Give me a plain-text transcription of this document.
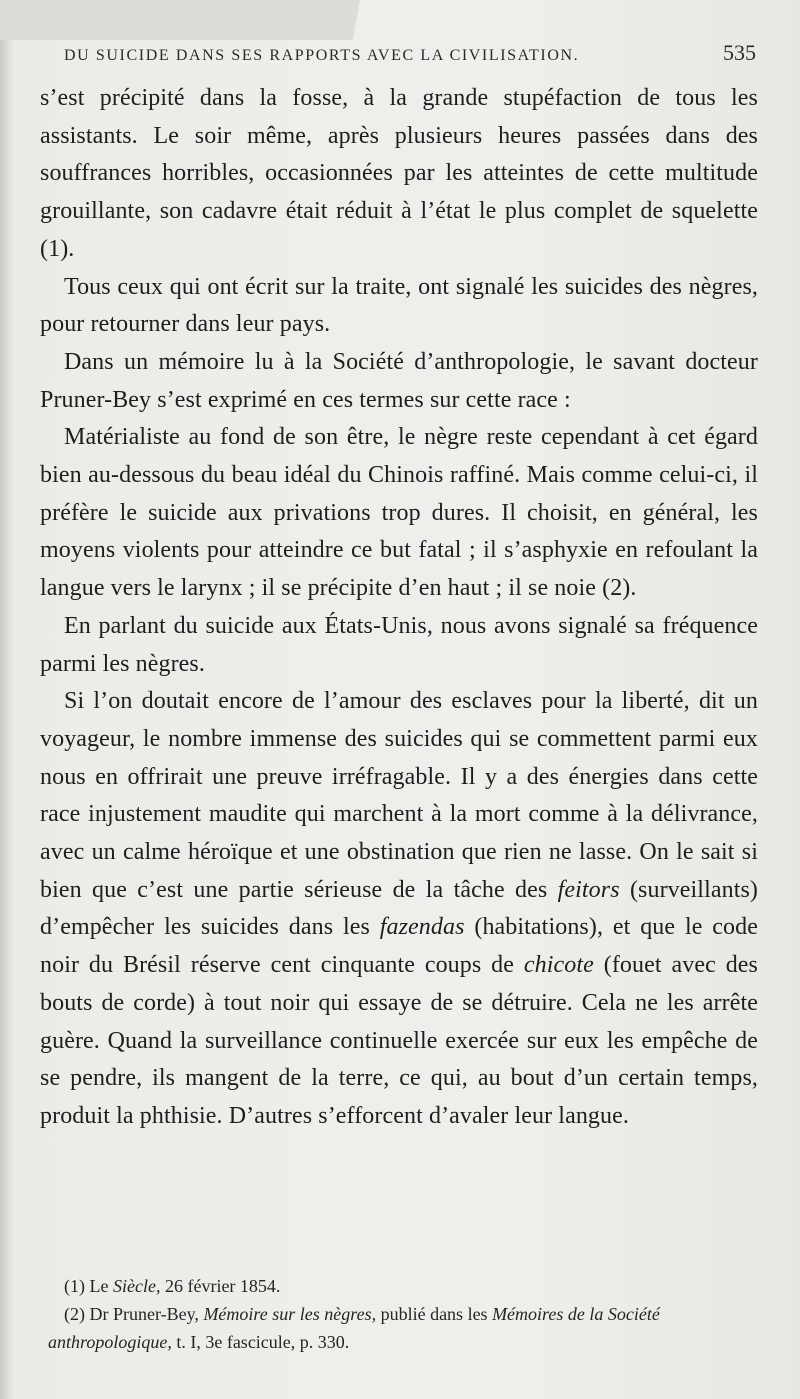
DU SUICIDE DANS SES RAPPORTS AVEC LA CIVILISATION.	535

s’est précipité dans la fosse, à la grande stupéfaction de tous les assistants. Le soir même, après plusieurs heures passées dans des souffrances horribles, occasionnées par les atteintes de cette multitude grouillante, son cadavre était réduit à l’état le plus complet de squelette (1).

Tous ceux qui ont écrit sur la traite, ont signalé les suicides des nègres, pour retourner dans leur pays.

Dans un mémoire lu à la Société d’anthropologie, le savant docteur Pruner-Bey s’est exprimé en ces termes sur cette race :

Matérialiste au fond de son être, le nègre reste cependant à cet égard bien au-dessous du beau idéal du Chinois raffiné. Mais comme celui-ci, il préfère le suicide aux privations trop dures. Il choisit, en général, les moyens violents pour atteindre ce but fatal ; il s’asphyxie en refoulant la langue vers le larynx ; il se précipite d’en haut ; il se noie (2).

En parlant du suicide aux États-Unis, nous avons signalé sa fréquence parmi les nègres.

Si l’on doutait encore de l’amour des esclaves pour la liberté, dit un voyageur, le nombre immense des suicides qui se commettent parmi eux nous en offrirait une preuve irréfragable. Il y a des énergies dans cette race injustement maudite qui marchent à la mort comme à la délivrance, avec un calme héroïque et une obstination que rien ne lasse. On le sait si bien que c’est une partie sérieuse de la tâche des feitors (surveillants) d’empêcher les suicides dans les fazendas (habitations), et que le code noir du Brésil réserve cent cinquante coups de chicote (fouet avec des bouts de corde) à tout noir qui essaye de se détruire. Cela ne les arrête guère. Quand la surveillance continuelle exercée sur eux les empêche de se pendre, ils mangent de la terre, ce qui, au bout d’un certain temps, produit la phthisie. D’autres s’efforcent d’avaler leur langue.

(1) Le Siècle, 26 février 1854.

(2) Dr Pruner-Bey, Mémoire sur les nègres, publié dans les Mémoires de la Société anthropologique, t. I, 3e fascicule, p. 330.
